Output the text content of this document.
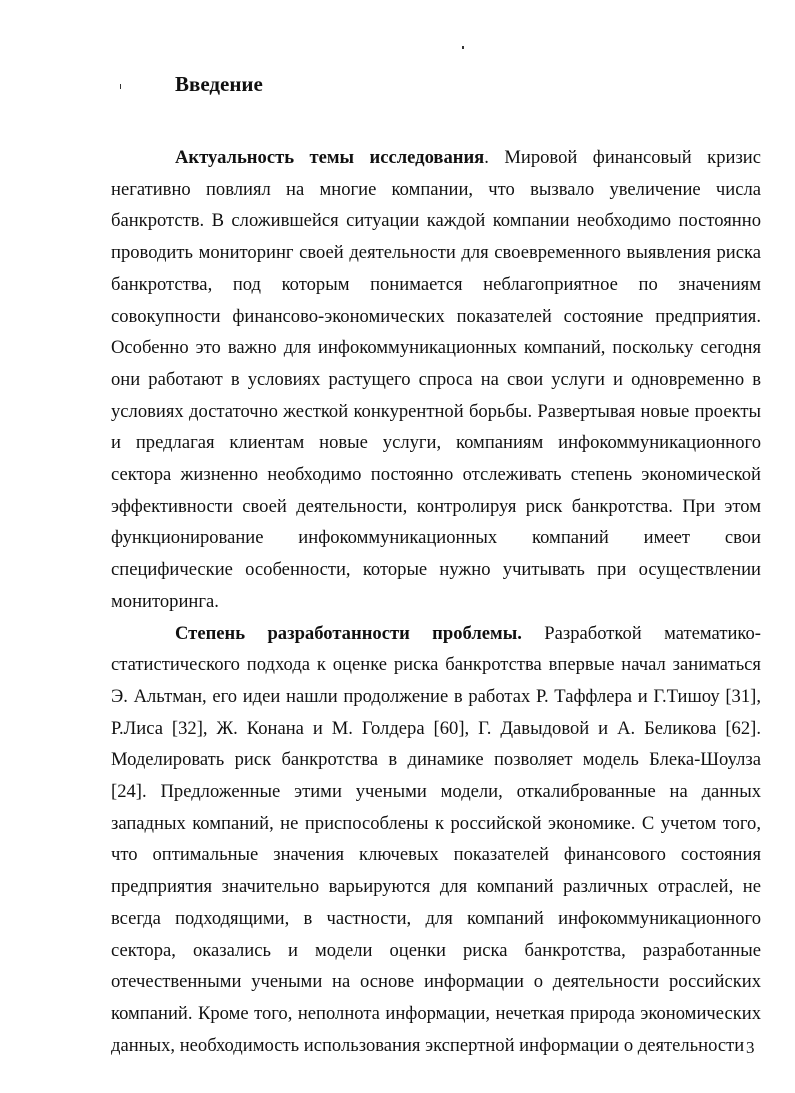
Введение

Актуальность темы исследования. Мировой финансовый кризис негативно повлиял на многие компании, что вызвало увеличение числа банкротств. В сложившейся ситуации каждой компании необходимо постоянно проводить мониторинг своей деятельности для своевременного выявления риска банкротства, под которым понимается неблагоприятное по значениям совокупности финансово-экономических показателей состояние предприятия. Особенно это важно для инфокоммуникационных компаний, поскольку сегодня они работают в условиях растущего спроса на свои услуги и одновременно в условиях достаточно жесткой конкурентной борьбы. Развертывая новые проекты и предлагая клиентам новые услуги, компаниям инфокоммуникационного сектора жизненно необходимо постоянно отслеживать степень экономической эффективности своей деятельности, контролируя риск банкротства. При этом функционирование инфокоммуникационных компаний имеет свои специфические особенности, которые нужно учитывать при осуществлении мониторинга.

Степень разработанности проблемы. Разработкой математико-статистического подхода к оценке риска банкротства впервые начал заниматься Э. Альтман, его идеи нашли продолжение в работах Р. Таффлера и Г.Тишоу [31], Р.Лиса [32], Ж. Конана и М. Голдера [60], Г. Давыдовой и А. Беликова [62]. Моделировать риск банкротства в динамике позволяет модель Блека-Шоулза [24]. Предложенные этими учеными модели, откалиброванные на данных западных компаний, не приспособлены к российской экономике. С учетом того, что оптимальные значения ключевых показателей финансового состояния предприятия значительно варьируются для компаний различных отраслей, не всегда подходящими, в частности, для компаний инфокоммуникационного сектора, оказались и модели оценки риска банкротства, разработанные отечественными учеными на основе информации о деятельности российских компаний. Кроме того, неполнота информации, нечеткая природа экономических данных, необходимость использования экспертной информации о деятельности 3
